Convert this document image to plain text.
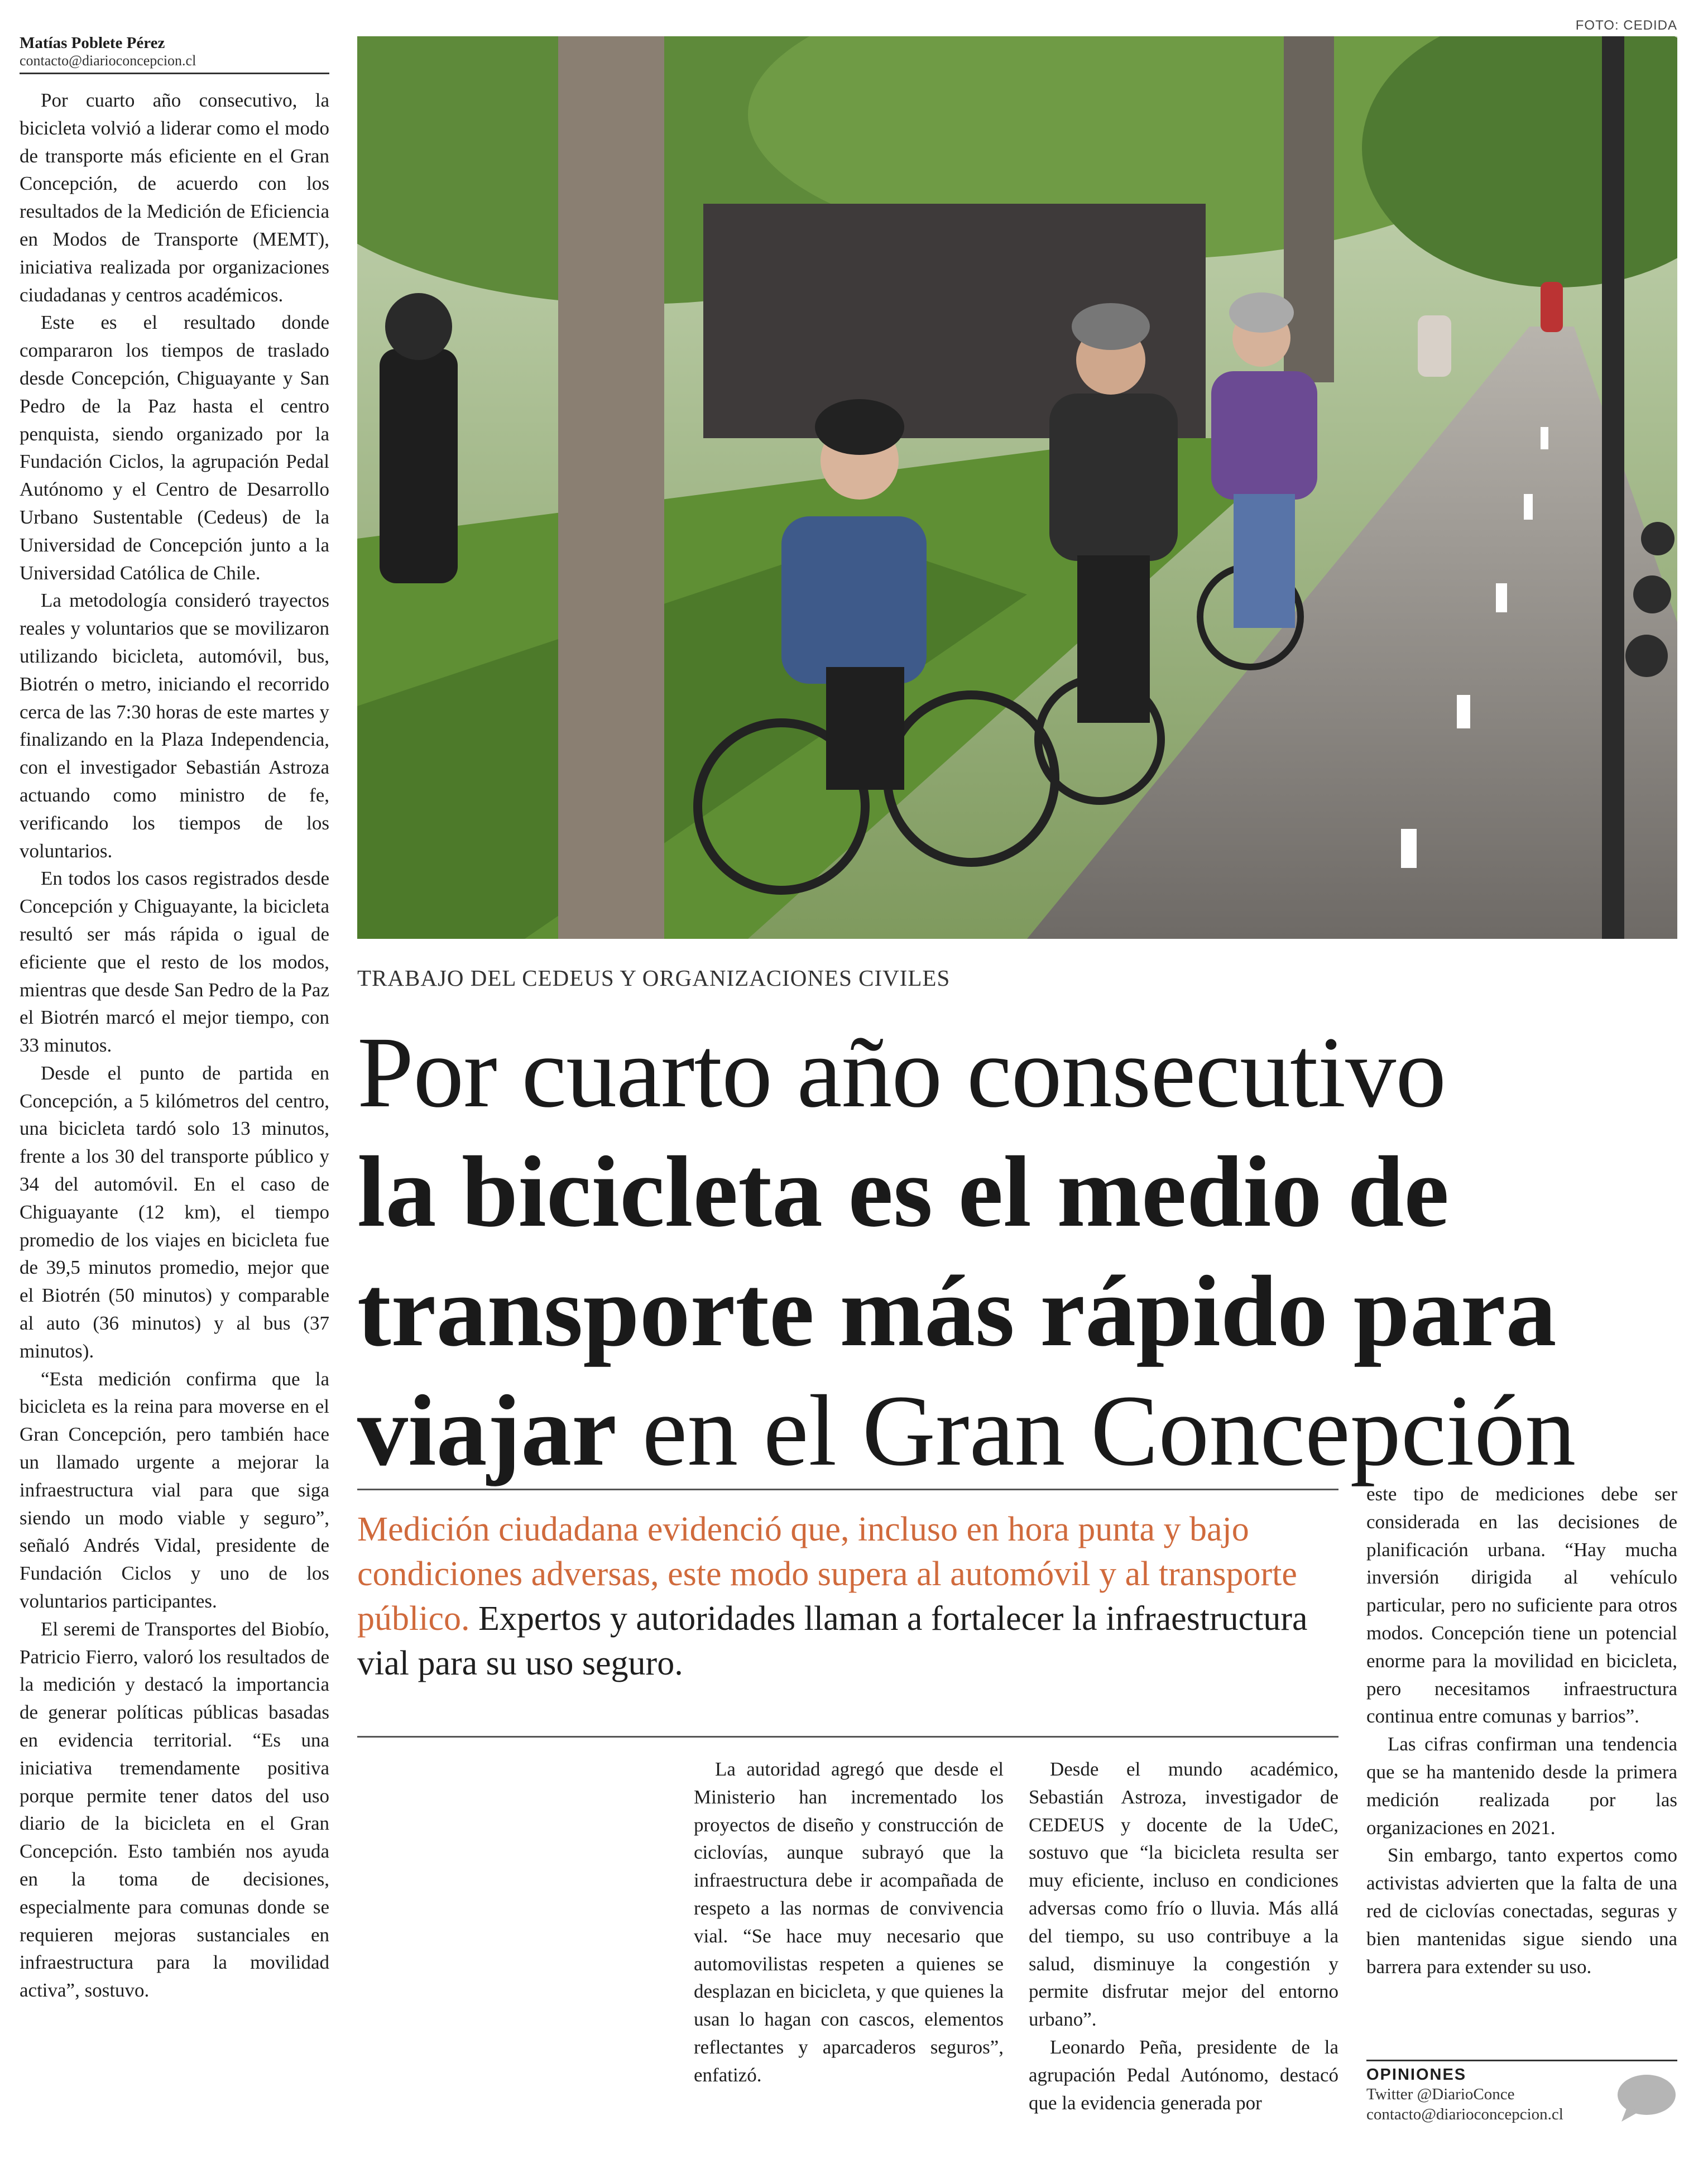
Matías Poblete Pérez
contacto@diarioconcepcion.cl

Por cuarto año consecutivo, la bicicleta volvió a liderar como el modo de transporte más eficiente en el Gran Concepción, de acuerdo con los resultados de la Medición de Eficiencia en Modos de Transporte (MEMT), iniciativa realizada por organizaciones ciudadanas y centros académicos.

Este es el resultado donde compararon los tiempos de traslado desde Concepción, Chiguayante y San Pedro de la Paz hasta el centro penquista, siendo organizado por la Fundación Ciclos, la agrupación Pedal Autónomo y el Centro de Desarrollo Urbano Sustentable (Cedeus) de la Universidad de Concepción junto a la Universidad Católica de Chile.

La metodología consideró trayectos reales y voluntarios que se movilizaron utilizando bicicleta, automóvil, bus, Biotrén o metro, iniciando el recorrido cerca de las 7:30 horas de este martes y finalizando en la Plaza Independencia, con el investigador Sebastián Astroza actuando como ministro de fe, verificando los tiempos de los voluntarios.

En todos los casos registrados desde Concepción y Chiguayante, la bicicleta resultó ser más rápida o igual de eficiente que el resto de los modos, mientras que desde San Pedro de la Paz el Biotrén marcó el mejor tiempo, con 33 minutos.

Desde el punto de partida en Concepción, a 5 kilómetros del centro, una bicicleta tardó solo 13 minutos, frente a los 30 del transporte público y 34 del automóvil. En el caso de Chiguayante (12 km), el tiempo promedio de los viajes en bicicleta fue de 39,5 minutos promedio, mejor que el Biotrén (50 minutos) y comparable al auto (36 minutos) y al bus (37 minutos).

“Esta medición confirma que la bicicleta es la reina para moverse en el Gran Concepción, pero también hace un llamado urgente a mejorar la infraestructura vial para que siga siendo un modo viable y seguro”, señaló Andrés Vidal, presidente de Fundación Ciclos y uno de los voluntarios participantes.

El seremi de Transportes del Biobío, Patricio Fierro, valoró los resultados de la medición y destacó la importancia de generar políticas públicas basadas en evidencia territorial. “Es una iniciativa tremendamente positiva porque permite tener datos del uso diario de la bicicleta en el Gran Concepción. Esto también nos ayuda en la toma de decisiones, especialmente para comunas donde se requieren mejoras sustanciales en infraestructura para la movilidad activa”, sostuvo.

FOTO: CEDIDA
TRABAJO DEL CEDEUS Y ORGANIZACIONES CIVILES
Por cuarto año consecutivo
la bicicleta es el medio de
transporte más rápido para
viajar en el Gran Concepción
Medición ciudadana evidenció que, incluso en hora punta y bajo condiciones adversas, este modo supera al automóvil y al transporte público. Expertos y autoridades llaman a fortalecer la infraestructura vial para su uso seguro.

La autoridad agregó que desde el Ministerio han incrementado los proyectos de diseño y construcción de ciclovías, aunque subrayó que la infraestructura debe ir acompañada de respeto a las normas de convivencia vial. “Se hace muy necesario que automovilistas respeten a quienes se desplazan en bicicleta, y que quienes la usan lo hagan con cascos, elementos reflectantes y aparcaderos seguros”, enfatizó.

Desde el mundo académico, Sebastián Astroza, investigador de CEDEUS y docente de la UdeC, sostuvo que “la bicicleta resulta ser muy eficiente, incluso en condiciones adversas como frío o lluvia. Más allá del tiempo, su uso contribuye a la salud, disminuye la congestión y permite disfrutar mejor del entorno urbano”.

Leonardo Peña, presidente de la agrupación Pedal Autónomo, destacó que la evidencia generada por

este tipo de mediciones debe ser considerada en las decisiones de planificación urbana. “Hay mucha inversión dirigida al vehículo particular, pero no suficiente para otros modos. Concepción tiene un potencial enorme para la movilidad en bicicleta, pero necesitamos infraestructura continua entre comunas y barrios”.

Las cifras confirman una tendencia que se ha mantenido desde la primera medición realizada por las organizaciones en 2021.

Sin embargo, tanto expertos como activistas advierten que la falta de una red de ciclovías conectadas, seguras y bien mantenidas sigue siendo una barrera para extender su uso.

OPINIONES
Twitter @DiarioConce
contacto@diarioconcepcion.cl
